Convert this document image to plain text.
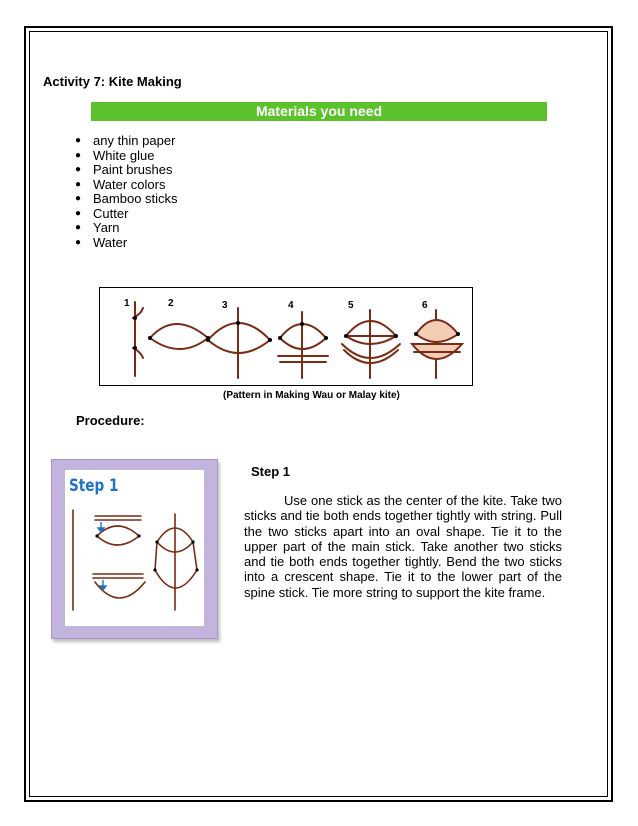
Activity 7: Kite Making
Materials you need
● any thin paper
● White glue
● Paint brushes
● Water colors
● Bamboo sticks
● Cutter
● Yarn
● Water
1	2	3	4	5	6
(Pattern in Making Wau or Malay kite)
Procedure:
Step 1
Step 1

Use one stick as the center of the kite. Take two sticks and tie both ends together tightly with string. Pull the two sticks apart into an oval shape. Tie it to the upper part of the main stick. Take another two sticks and tie both ends together tightly. Bend the two sticks into a crescent shape. Tie it to the lower part of the spine stick. Tie more string to support the kite frame.
